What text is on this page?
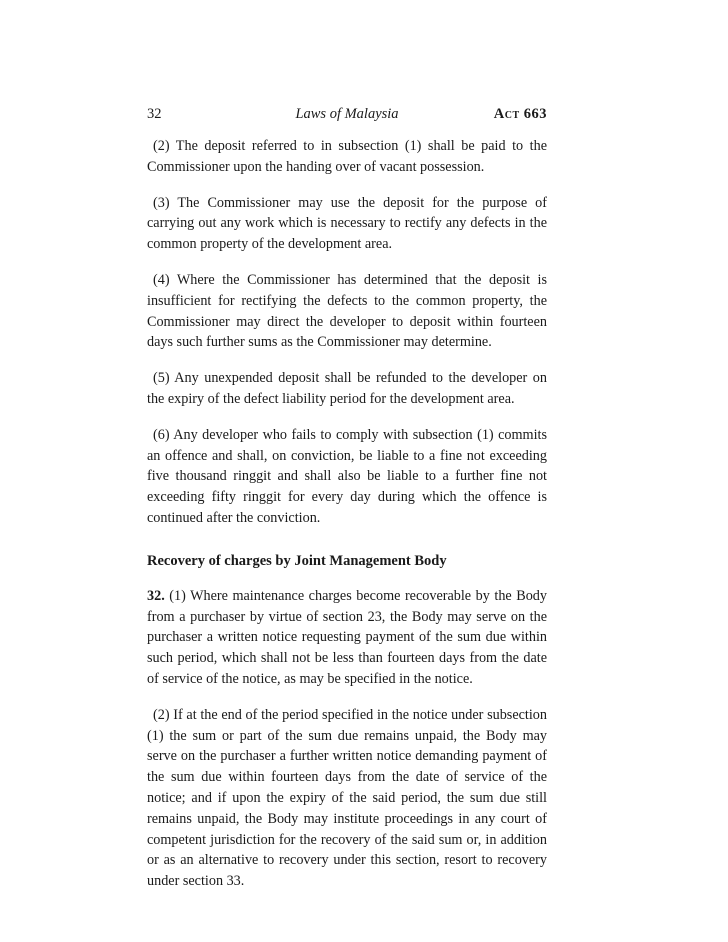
32	Laws of Malaysia	Act 663

(2) The deposit referred to in subsection (1) shall be paid to the Commissioner upon the handing over of vacant possession.

(3) The Commissioner may use the deposit for the purpose of carrying out any work which is necessary to rectify any defects in the common property of the development area.

(4) Where the Commissioner has determined that the deposit is insufficient for rectifying the defects to the common property, the Commissioner may direct the developer to deposit within fourteen days such further sums as the Commissioner may determine.

(5) Any unexpended deposit shall be refunded to the developer on the expiry of the defect liability period for the development area.

(6) Any developer who fails to comply with subsection (1) commits an offence and shall, on conviction, be liable to a fine not exceeding five thousand ringgit and shall also be liable to a further fine not exceeding fifty ringgit for every day during which the offence is continued after the conviction.

Recovery of charges by Joint Management Body

32. (1) Where maintenance charges become recoverable by the Body from a purchaser by virtue of section 23, the Body may serve on the purchaser a written notice requesting payment of the sum due within such period, which shall not be less than fourteen days from the date of service of the notice, as may be specified in the notice.

(2) If at the end of the period specified in the notice under subsection (1) the sum or part of the sum due remains unpaid, the Body may serve on the purchaser a further written notice demanding payment of the sum due within fourteen days from the date of service of the notice; and if upon the expiry of the said period, the sum due still remains unpaid, the Body may institute proceedings in any court of competent jurisdiction for the recovery of the said sum or, in addition or as an alternative to recovery under this section, resort to recovery under section 33.
